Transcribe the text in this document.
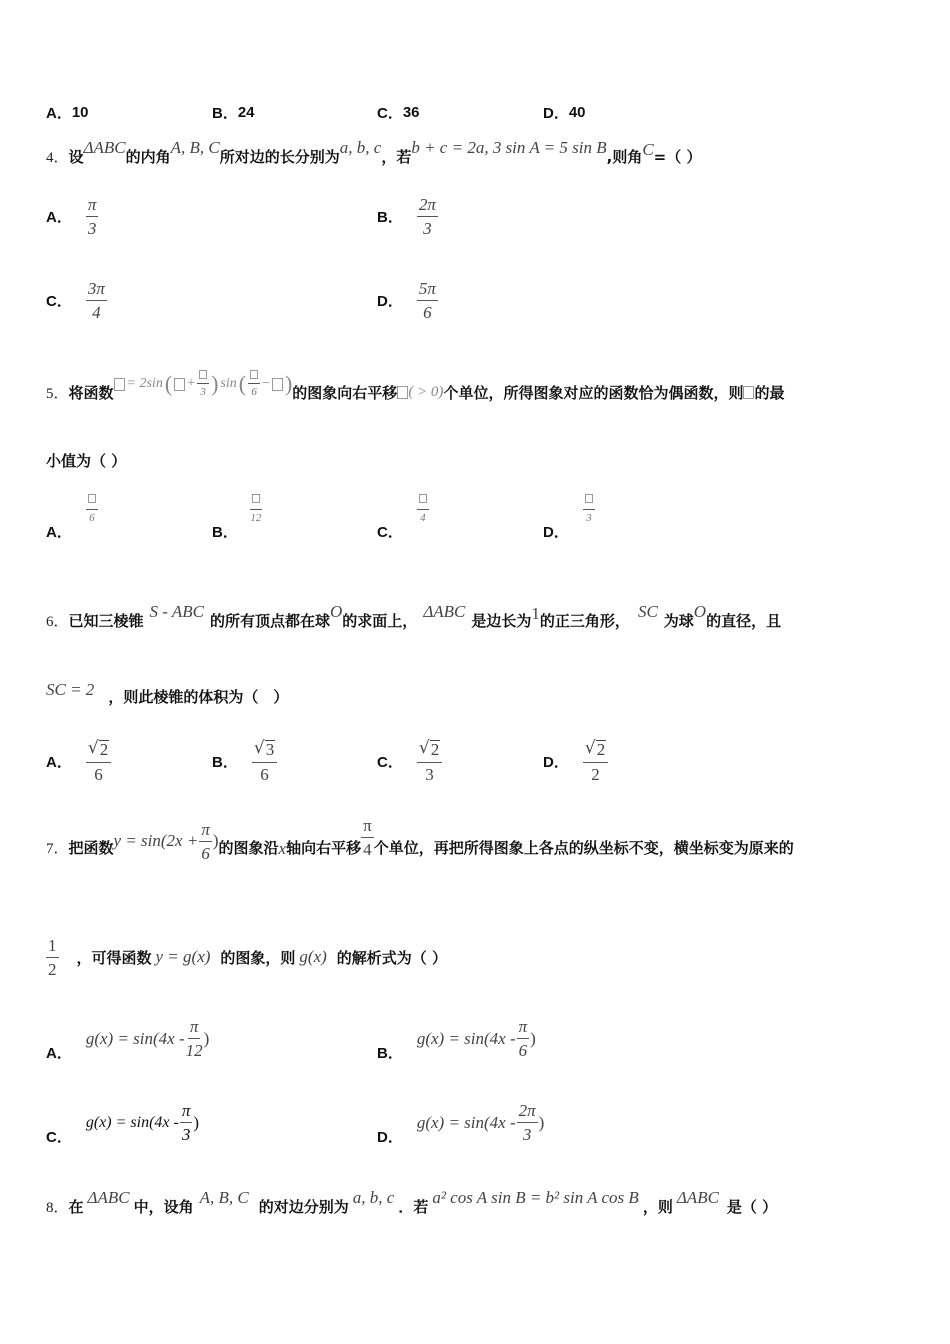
A． 10	B． 24	C． 36	D． 40
4． 设 ΔABC 的内角 A, B, C 所对边的长分别为 a, b, c ，若 b + c = 2a, 3 sin A = 5 sin B ,则角 C =（ ）
A． $\frac{\pi}{3}$	B． $\frac{2\pi}{3}$
C． $\frac{3\pi}{4}$	D． $\frac{5\pi}{6}$
5． 将函数 = 2sin ( +
3 ) sin ( 6
− ) 的图象向右平移 ( > 0) 个单位，所得图象对应的函数恰为偶函数，则 的最
小值为（ ）
A．
6
B．
12
C．
4
D．
3
6． 已知三棱锥 S - ABC 的所有顶点都在球 O 的求面上， ΔABC 是边长为 1 的正三角形， SC 为球 O 的直径，且
SC = 2 ，则此棱锥的体积为（　）
A． $\frac{√ 2}{6}$	B． $\frac{√ 3}{6}$	C． $\frac{√ 2}{3}$	D． $\frac{√ 2}{2}$
7． 把函数 $y = \sin(2x + \frac{\pi}{6}$ ) 的图象沿 x 轴向右平移 $\frac{\pi}{4}$ 个单位，再把所得图象上各点的纵坐标不变，横坐标变为原来的
$\frac{1}{2}$ ，可得函数 y = g(x) 的图象，则 g(x) 的解析式为（ ）
A．
$g(x) = \sin(4x - \frac{\pi}{12}$ )
B．
$g(x) = \sin(4x - \frac{\pi}{6}$ )
C．
$g(x) = \sin(4x - \frac{\pi}{3}$ )
D．
$g(x) = \sin(4x - \frac{2\pi}{3}$ )
8． 在 ΔABC 中，设角 A, B, C 的对边分别为 a, b, c ．若 a² cos A sin B = b² sin A cos B ，则 ΔABC 是（ ）
